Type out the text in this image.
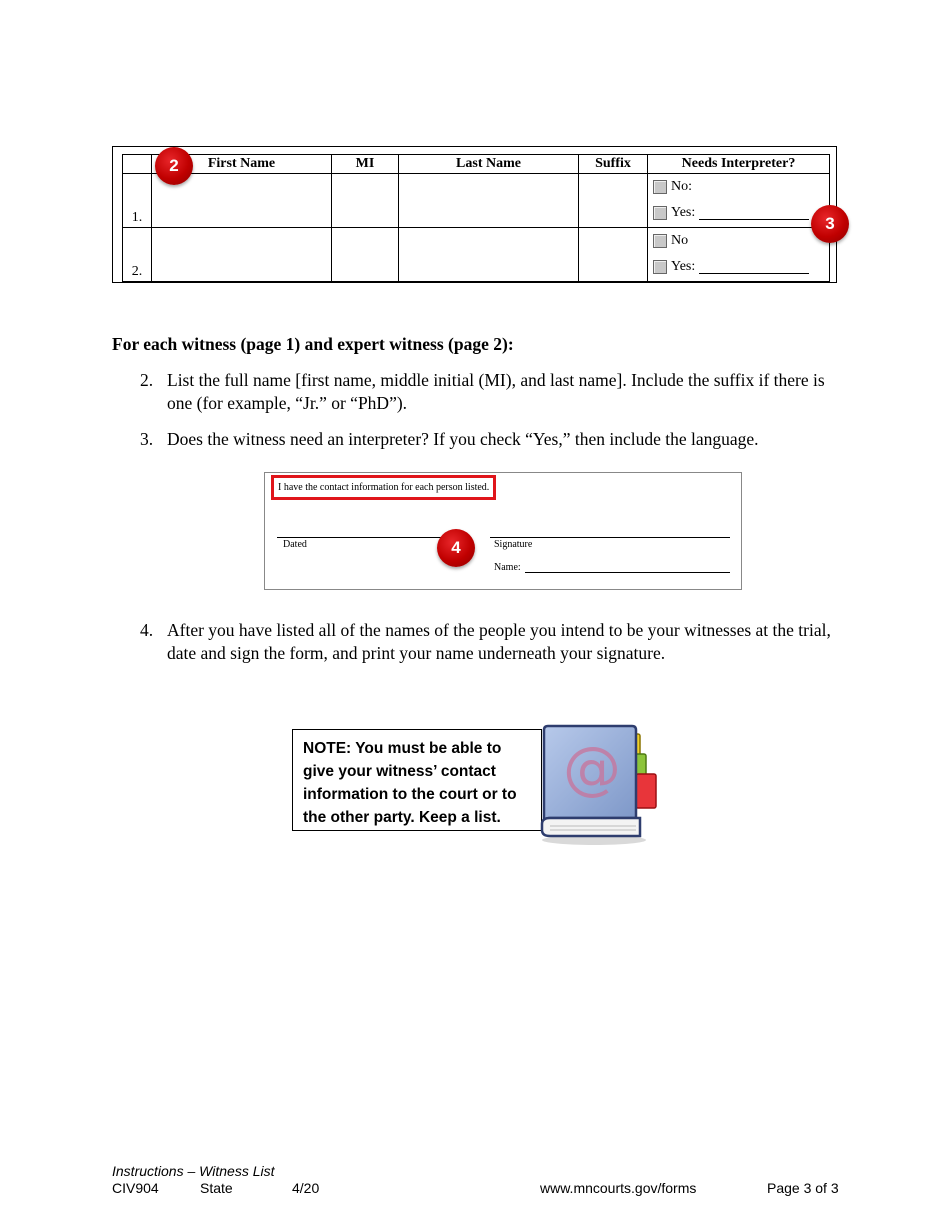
	First Name	MI	Last Name	Suffix	Needs Interpreter?
1.					No:
Yes:

2.					No
Yes:
2
3
For each witness (page 1) and expert witness (page 2):
2. List the full name [first name, middle initial (MI), and last name]. Include the suffix if there is one (for example, “Jr.” or “PhD”).
3. Does the witness need an interpreter? If you check “Yes,” then include the language.
I have the contact information for each person listed.
Dated	Signature
Name:
4
4. After you have listed all of the names of the people you intend to be your witnesses at the trial, date and sign the form, and print your name underneath your signature.
NOTE: You must be able to give your witness’ contact information to the court or to the other party. Keep a list.
@
Instructions – Witness List
CIV904	State	4/20	www.mncourts.gov/forms	Page 3 of 3
